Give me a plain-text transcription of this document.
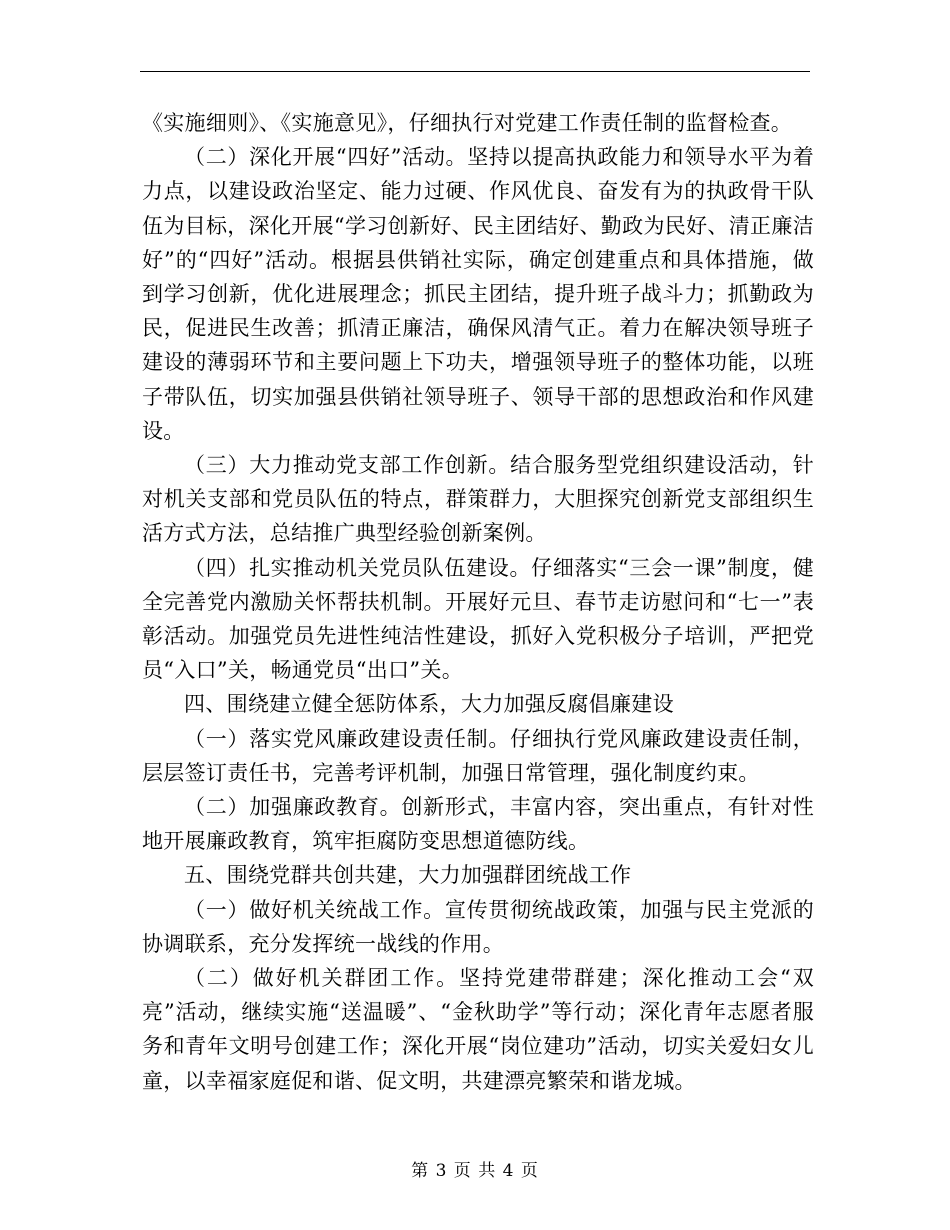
《实施细则》、《实施意见》，仔细执行对党建工作责任制的监督检查。

（二）深化开展“四好”活动。坚持以提高执政能力和领导水平为着力点，以建设政治坚定、能力过硬、作风优良、奋发有为的执政骨干队伍为目标，深化开展“学习创新好、民主团结好、勤政为民好、清正廉洁好”的“四好”活动。根据县供销社实际，确定创建重点和具体措施，做到学习创新，优化进展理念；抓民主团结，提升班子战斗力；抓勤政为民，促进民生改善；抓清正廉洁，确保风清气正。着力在解决领导班子建设的薄弱环节和主要问题上下功夫，增强领导班子的整体功能，以班子带队伍，切实加强县供销社领导班子、领导干部的思想政治和作风建设。

（三）大力推动党支部工作创新。结合服务型党组织建设活动，针对机关支部和党员队伍的特点，群策群力，大胆探究创新党支部组织生活方式方法，总结推广典型经验创新案例。

（四）扎实推动机关党员队伍建设。仔细落实“三会一课”制度，健全完善党内激励关怀帮扶机制。开展好元旦、春节走访慰问和“七一”表彰活动。加强党员先进性纯洁性建设，抓好入党积极分子培训，严把党员“入口”关，畅通党员“出口”关。

四、围绕建立健全惩防体系，大力加强反腐倡廉建设

（一）落实党风廉政建设责任制。仔细执行党风廉政建设责任制，层层签订责任书，完善考评机制，加强日常管理，强化制度约束。

（二）加强廉政教育。创新形式，丰富内容，突出重点，有针对性地开展廉政教育，筑牢拒腐防变思想道德防线。

五、围绕党群共创共建，大力加强群团统战工作

（一）做好机关统战工作。宣传贯彻统战政策，加强与民主党派的协调联系，充分发挥统一战线的作用。

（二）做好机关群团工作。坚持党建带群建；深化推动工会“双亮”活动，继续实施“送温暖”、“金秋助学”等行动；深化青年志愿者服务和青年文明号创建工作；深化开展“岗位建功”活动，切实关爱妇女儿童，以幸福家庭促和谐、促文明，共建漂亮繁荣和谐龙城。

第 3 页 共 4 页
